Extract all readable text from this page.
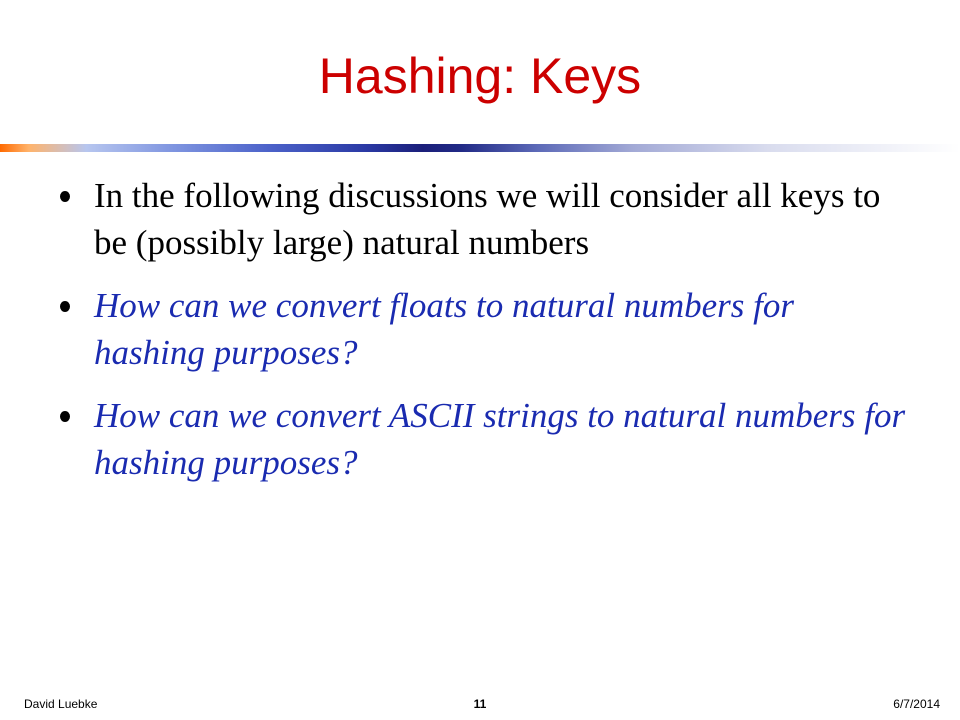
Hashing: Keys
In the following discussions we will consider all keys to be (possibly large) natural numbers
How can we convert floats to natural numbers for hashing purposes?
How can we convert ASCII strings to natural numbers for hashing purposes?
David Luebke	11	6/7/2014
